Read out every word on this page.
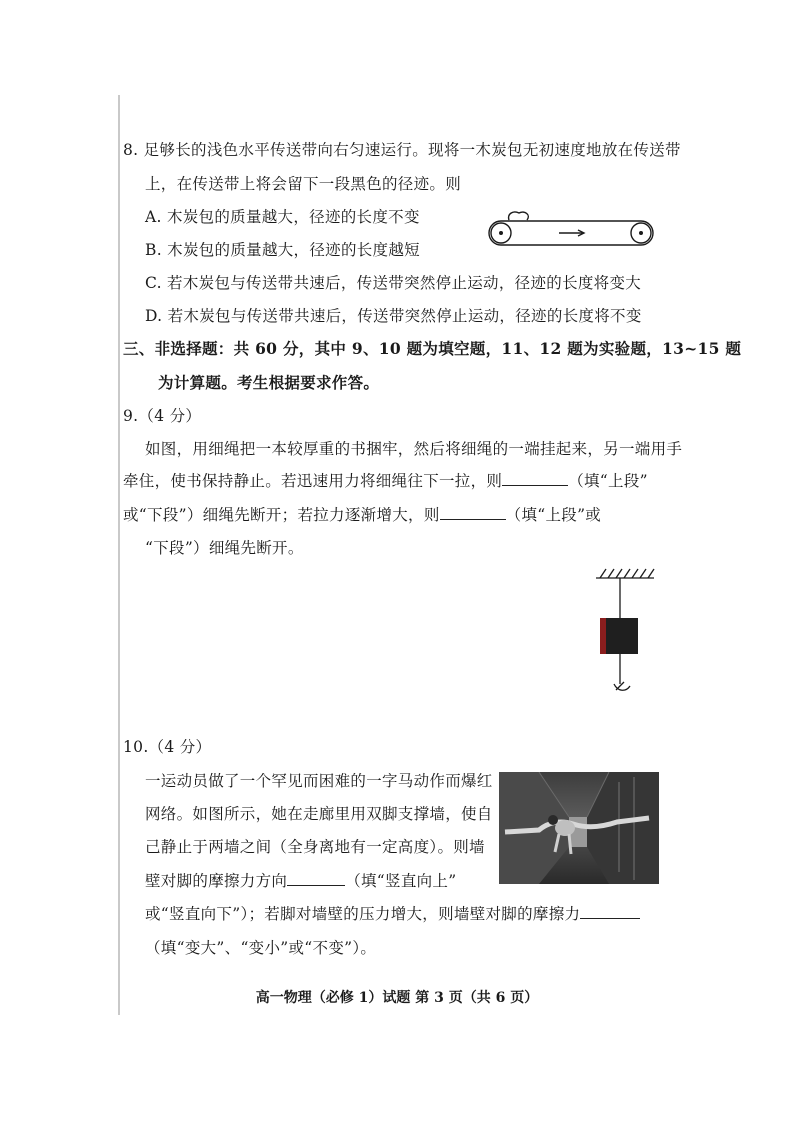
8. 足够长的浅色水平传送带向右匀速运行。现将一木炭包无初速度地放在传送带
上，在传送带上将会留下一段黑色的径迹。则
A. 木炭包的质量越大，径迹的长度不变
B. 木炭包的质量越大，径迹的长度越短
C. 若木炭包与传送带共速后，传送带突然停止运动，径迹的长度将变大
D. 若木炭包与传送带共速后，传送带突然停止运动，径迹的长度将不变
三、非选择题：共 60 分，其中 9、10 题为填空题，11、12 题为实验题，13~15 题
为计算题。考生根据要求作答。
9.（4 分）
如图，用细绳把一本较厚重的书捆牢，然后将细绳的一端挂起来，另一端用手
牵住，使书保持静止。若迅速用力将细绳往下一拉，则	（填“上段”
或“下段”）细绳先断开；若拉力逐渐增大，则	（填“上段”或
“下段”）细绳先断开。
10.（4 分）
一运动员做了一个罕见而困难的一字马动作而爆红
网络。如图所示，她在走廊里用双脚支撑墙，使自
己静止于两墙之间（全身离地有一定高度）。则墙
壁对脚的摩擦力方向	（填“竖直向上”
或“竖直向下”）；若脚对墙壁的压力增大，则墙壁对脚的摩擦力
（填“变大”、“变小”或“不变”）。
高一物理（必修 1）试题 第 3 页（共 6 页）
